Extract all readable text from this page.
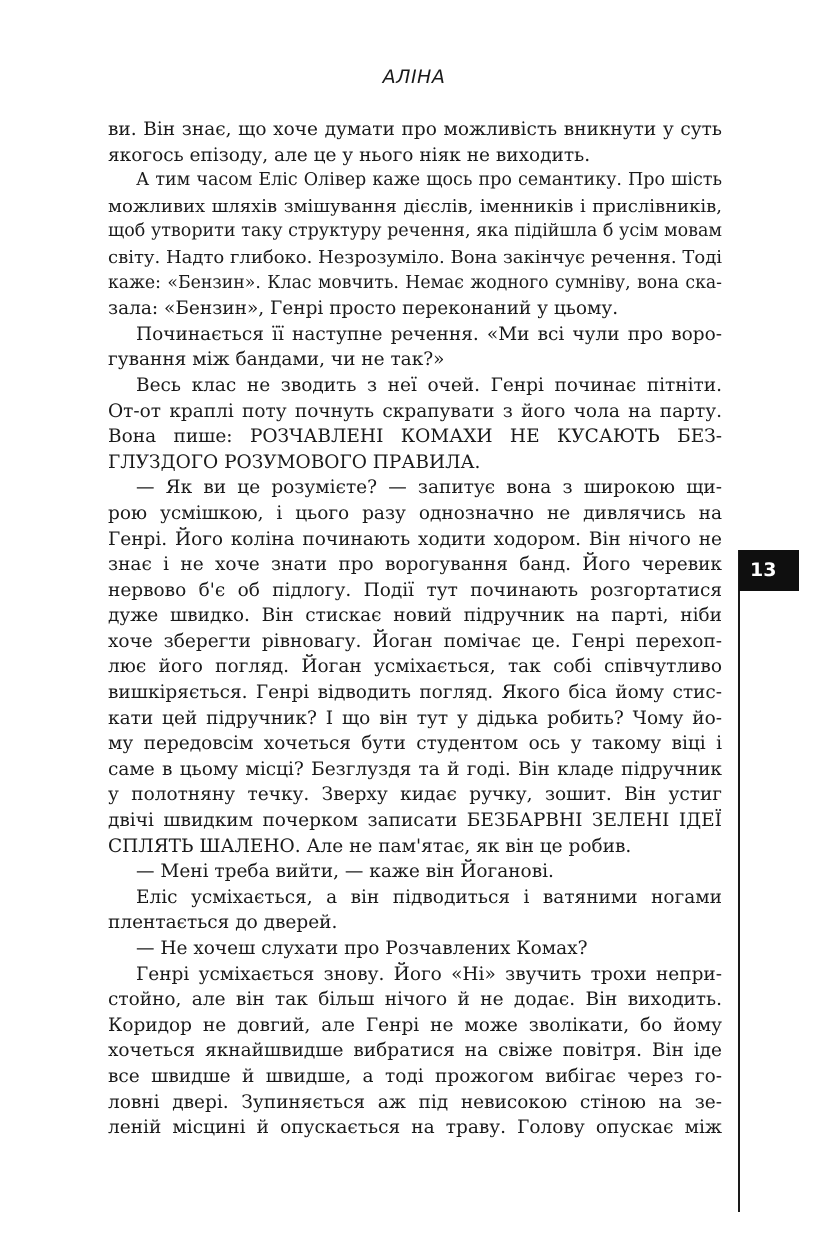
АЛІНА
ви. Він знає, що хоче думати про можливість вникнути у суть
якогось епізоду, але це у нього ніяк не виходить.
А тим часом Еліс Олівер каже щось про семантику. Про шість
можливих шляхів змішування дієслів, іменників і прислівників,
щоб утворити таку структуру речення, яка підійшла б усім мовам
світу. Надто глибоко. Незрозуміло. Вона закінчує речення. Тоді
каже: «Бензин». Клас мовчить. Немає жодного сумніву, вона ска-
зала: «Бензин», Генрі просто переконаний у цьому.
Починається її наступне речення. «Ми всі чули про воро-
гування між бандами, чи не так?»
Весь клас не зводить з неї очей. Генрі починає пітніти.
От-от краплі поту почнуть скрапувати з його чола на парту.
Вона пише: РОЗЧАВЛЕНІ КОМАХИ НЕ КУСАЮТЬ БЕЗ-
ГЛУЗДОГО РОЗУМОВОГО ПРАВИЛА.
— Як ви це розумієте? — запитує вона з широкою щи-
рою усмішкою, і цього разу однозначно не дивлячись на
Генрі. Його коліна починають ходити ходором. Він нічого не
знає і не хоче знати про ворогування банд. Його черевик
нервово б'є об підлогу. Події тут починають розгортатися
дуже швидко. Він стискає новий підручник на парті, ніби
хоче зберегти рівновагу. Йоган помічає це. Генрі перехоп-
лює його погляд. Йоган усміхається, так собі співчутливо
вишкіряється. Генрі відводить погляд. Якого біса йому стис-
кати цей підручник? І що він тут у дідька робить? Чому йо-
му передовсім хочеться бути студентом ось у такому віці і
саме в цьому місці? Безглуздя та й годі. Він кладе підручник
у полотняну течку. Зверху кидає ручку, зошит. Він устиг
двічі швидким почерком записати БЕЗБАРВНІ ЗЕЛЕНІ ІДЕЇ
СПЛЯТЬ ШАЛЕНО. Але не пам'ятає, як він це робив.
— Мені треба вийти, — каже він Йоганові.
Еліс усміхається, а він підводиться і ватяними ногами
плентається до дверей.
— Не хочеш слухати про Розчавлених Комах?
Генрі усміхається знову. Його «Ні» звучить трохи непри-
стойно, але він так більш нічого й не додає. Він виходить.
Коридор не довгий, але Генрі не може зволікати, бо йому
хочеться якнайшвидше вибратися на свіже повітря. Він іде
все швидше й швидше, а тоді прожогом вибігає через го-
ловні двері. Зупиняється аж під невисокою стіною на зе-
леній місцині й опускається на траву. Голову опускає між
13
